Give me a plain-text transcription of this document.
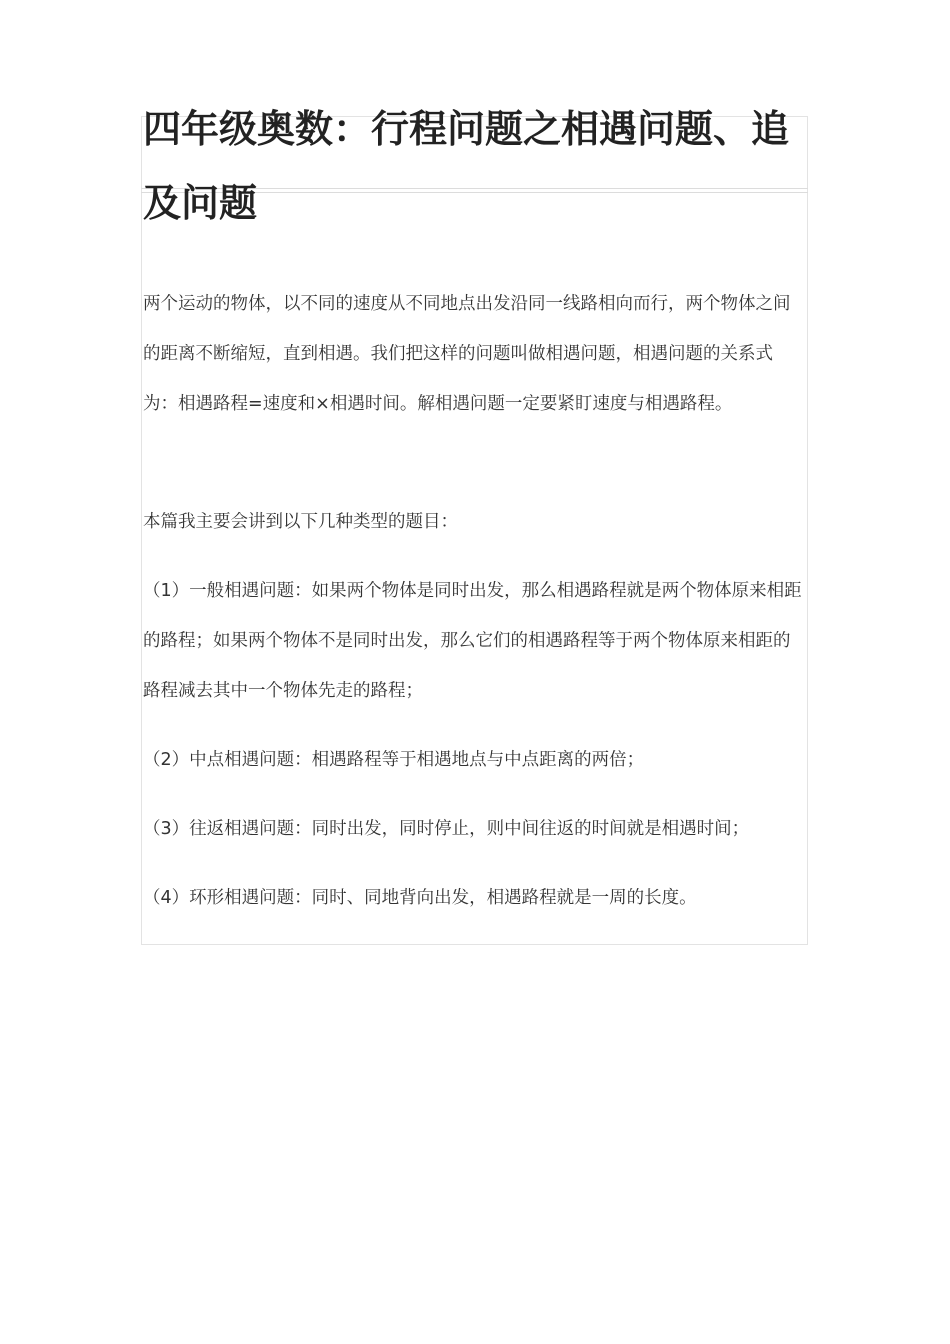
四年级奥数：行程问题之相遇问题、追及问题

两个运动的物体，以不同的速度从不同地点出发沿同一线路相向而行，两个物体之间的距离不断缩短，直到相遇。我们把这样的问题叫做相遇问题，相遇问题的关系式为：相遇路程=速度和×相遇时间。解相遇问题一定要紧盯速度与相遇路程。

本篇我主要会讲到以下几种类型的题目：

（1）一般相遇问题：如果两个物体是同时出发，那么相遇路程就是两个物体原来相距的路程；如果两个物体不是同时出发，那么它们的相遇路程等于两个物体原来相距的路程减去其中一个物体先走的路程；

（2）中点相遇问题：相遇路程等于相遇地点与中点距离的两倍；

（3）往返相遇问题：同时出发，同时停止，则中间往返的时间就是相遇时间；

（4）环形相遇问题：同时、同地背向出发，相遇路程就是一周的长度。
